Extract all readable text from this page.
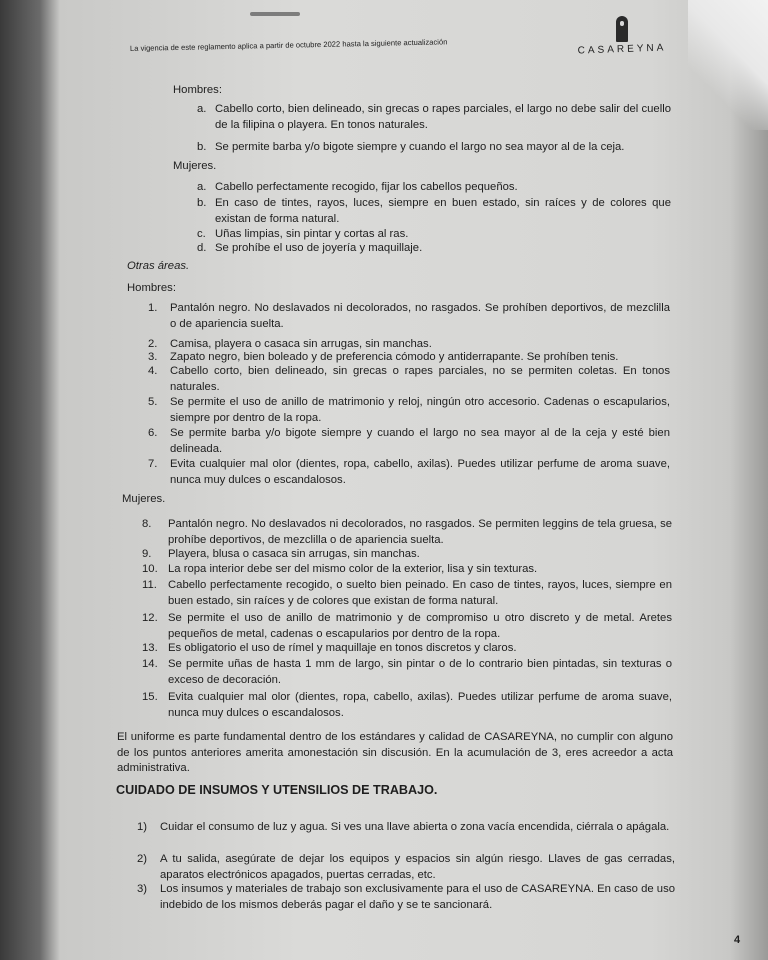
La vigencia de este reglamento aplica a partir de octubre 2022 hasta la siguiente actualización	CASAREYNA

Hombres:
Mujeres.
Otras áreas.
Hombres:
Mujeres.
El uniforme es parte fundamental dentro de los estándares y calidad de CASAREYNA, no cumplir con alguno de los puntos anteriores amerita amonestación sin discusión. En la acumulación de 3, eres acreedor a acta administrativa.
CUIDADO DE INSUMOS Y UTENSILIOS DE TRABAJO.
4
a. Cabello corto, bien delineado, sin grecas o rapes parciales, el largo no debe salir del cuello de la filipina o playera. En tonos naturales.
b. Se permite barba y/o bigote siempre y cuando el largo no sea mayor al de la ceja.
a. Cabello perfectamente recogido, fijar los cabellos pequeños.
b. En caso de tintes, rayos, luces, siempre en buen estado, sin raíces y de colores que existan de forma natural.
c. Uñas limpias, sin pintar y cortas al ras.
d. Se prohíbe el uso de joyería y maquillaje.
1. Pantalón negro. No deslavados ni decolorados, no rasgados. Se prohíben deportivos, de mezclilla o de apariencia suelta.
2. Camisa, playera o casaca sin arrugas, sin manchas.
3. Zapato negro, bien boleado y de preferencia cómodo y antiderrapante. Se prohíben tenis.
4. Cabello corto, bien delineado, sin grecas o rapes parciales, no se permiten coletas. En tonos naturales.
5. Se permite el uso de anillo de matrimonio y reloj, ningún otro accesorio. Cadenas o escapularios, siempre por dentro de la ropa.
6. Se permite barba y/o bigote siempre y cuando el largo no sea mayor al de la ceja y esté bien delineada.
7. Evita cualquier mal olor (dientes, ropa, cabello, axilas). Puedes utilizar perfume de aroma suave, nunca muy dulces o escandalosos.
8. Pantalón negro. No deslavados ni decolorados, no rasgados. Se permiten leggins de tela gruesa, se prohíbe deportivos, de mezclilla o de apariencia suelta.
9. Playera, blusa o casaca sin arrugas, sin manchas.
10. La ropa interior debe ser del mismo color de la exterior, lisa y sin texturas.
11. Cabello perfectamente recogido, o suelto bien peinado. En caso de tintes, rayos, luces, siempre en buen estado, sin raíces y de colores que existan de forma natural.
12. Se permite el uso de anillo de matrimonio y de compromiso u otro discreto y de metal. Aretes pequeños de metal, cadenas o escapularios por dentro de la ropa.
13. Es obligatorio el uso de rímel y maquillaje en tonos discretos y claros.
14. Se permite uñas de hasta 1 mm de largo, sin pintar o de lo contrario bien pintadas, sin texturas o exceso de decoración.
15. Evita cualquier mal olor (dientes, ropa, cabello, axilas). Puedes utilizar perfume de aroma suave, nunca muy dulces o escandalosos.
1) Cuidar el consumo de luz y agua. Si ves una llave abierta o zona vacía encendida, ciérrala o apágala.
2) A tu salida, asegúrate de dejar los equipos y espacios sin algún riesgo. Llaves de gas cerradas, aparatos electrónicos apagados, puertas cerradas, etc.
3) Los insumos y materiales de trabajo son exclusivamente para el uso de CASAREYNA. En caso de uso indebido de los mismos deberás pagar el daño y se te sancionará.
